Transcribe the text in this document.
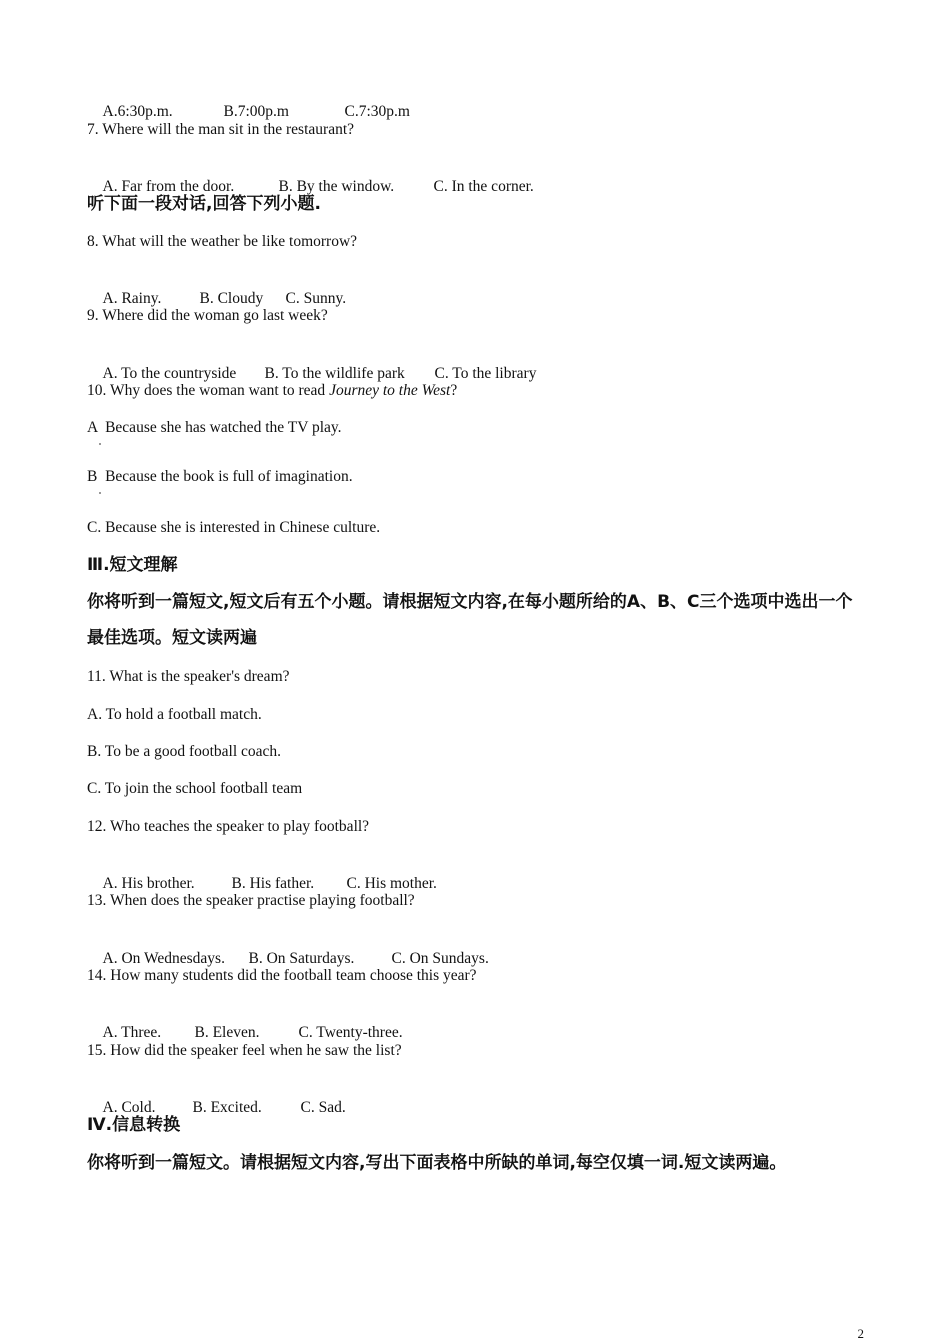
A.6:30p.m.	B.7:00p.m	C.7:30p.m

7. Where will the man sit in the restaurant?

A. Far from the door.	B. By the window.	C. In the corner.

听下面一段对话,回答下列小题.
8. What will the weather be like tomorrow?

A. Rainy. B. Cloudy C. Sunny.

9. Where did the woman go last week?

A. To the countryside B. To the wildlife park C. To the library

10. Why does the woman want to read Journey to the West?
A  Because she has watched the TV play.
B  Because the book is full of imagination.
C. Because she is interested in Chinese culture.
Ⅲ.短文理解
你将听到一篇短文,短文后有五个小题。请根据短文内容,在每小题所给的A、B、C三个选项中选出一个最佳选项。短文读两遍
11. What is the speaker's dream?
A. To hold a football match.
B. To be a good football coach.
C. To join the school football team
12. Who teaches the speaker to play football?

A. His brother. B. His father. C. His mother.

13. When does the speaker practise playing football?

A. On Wednesdays. B. On Saturdays. C. On Sundays.

14. How many students did the football team choose this year?

A. Three. B. Eleven.	C. Twenty-three.

15. How did the speaker feel when he saw the list?

A. Cold. B. Excited. C. Sad.

Ⅳ.信息转换
你将听到一篇短文。请根据短文内容,写出下面表格中所缺的单词,每空仅填一词.短文读两遍。
2
